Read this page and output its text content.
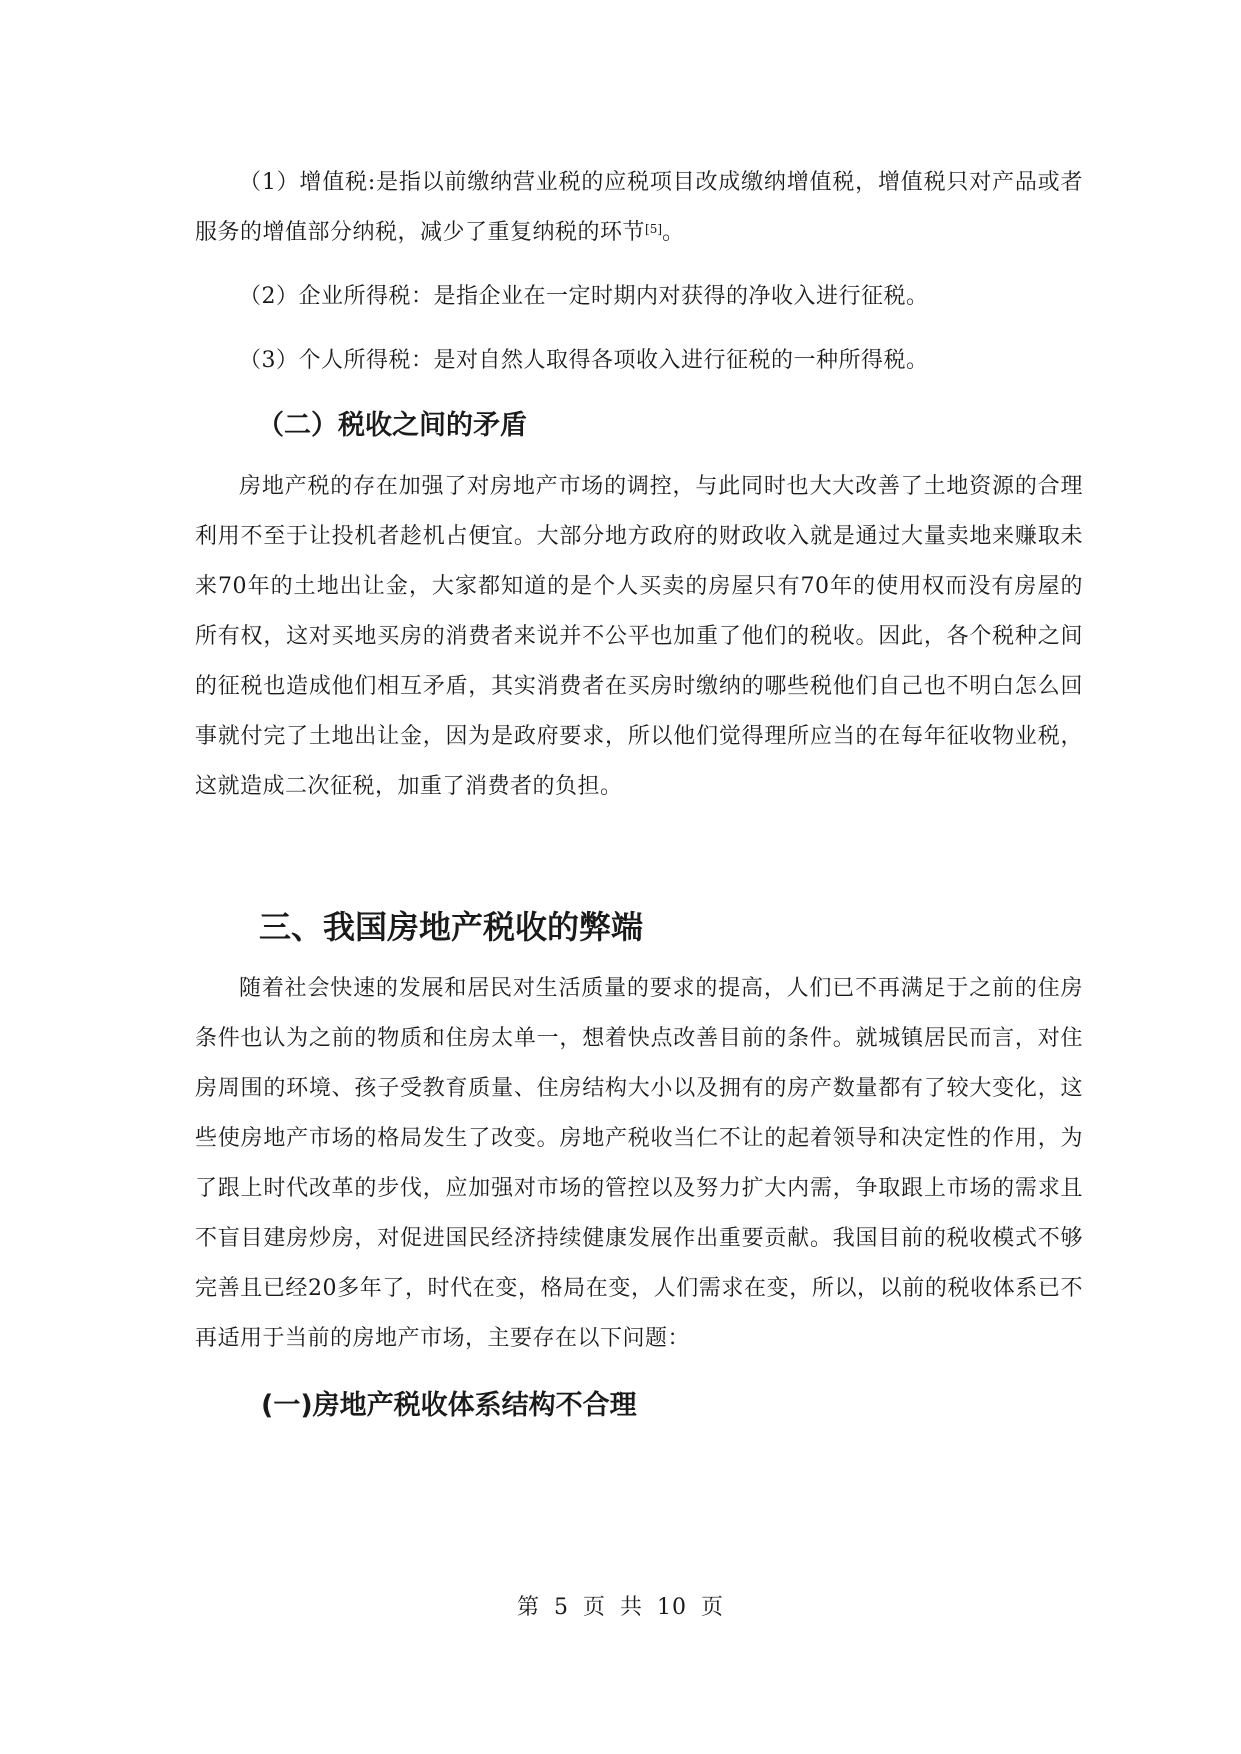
（1）增值税:是指以前缴纳营业税的应税项目改成缴纳增值税，增值税只对产品或者服务的增值部分纳税，减少了重复纳税的环节[5]。

（2）企业所得税：是指企业在一定时期内对获得的净收入进行征税。

（3）个人所得税：是对自然人取得各项收入进行征税的一种所得税。

（二）税收之间的矛盾

房地产税的存在加强了对房地产市场的调控，与此同时也大大改善了土地资源的合理利用不至于让投机者趁机占便宜。大部分地方政府的财政收入就是通过大量卖地来赚取未来70年的土地出让金，大家都知道的是个人买卖的房屋只有70年的使用权而没有房屋的所有权，这对买地买房的消费者来说并不公平也加重了他们的税收。因此，各个税种之间的征税也造成他们相互矛盾，其实消费者在买房时缴纳的哪些税他们自己也不明白怎么回事就付完了土地出让金，因为是政府要求，所以他们觉得理所应当的在每年征收物业税，这就造成二次征税，加重了消费者的负担。

三、我国房地产税收的弊端

随着社会快速的发展和居民对生活质量的要求的提高，人们已不再满足于之前的住房条件也认为之前的物质和住房太单一，想着快点改善目前的条件。就城镇居民而言，对住房周围的环境、孩子受教育质量、住房结构大小以及拥有的房产数量都有了较大变化，这些使房地产市场的格局发生了改变。房地产税收当仁不让的起着领导和决定性的作用，为了跟上时代改革的步伐，应加强对市场的管控以及努力扩大内需，争取跟上市场的需求且不盲目建房炒房，对促进国民经济持续健康发展作出重要贡献。我国目前的税收模式不够完善且已经20多年了，时代在变，格局在变，人们需求在变，所以，以前的税收体系已不再适用于当前的房地产市场，主要存在以下问题：

(一)房地产税收体系结构不合理
第 5 页 共 10 页
